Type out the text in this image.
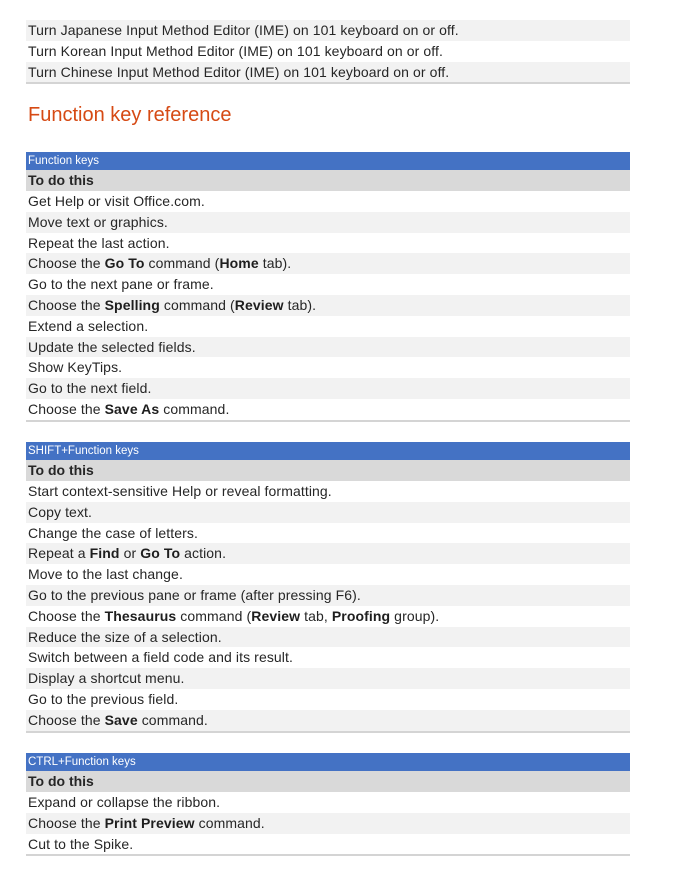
Turn Japanese Input Method Editor (IME) on 101 keyboard on or off.
Turn Korean Input Method Editor (IME) on 101 keyboard on or off.
Turn Chinese Input Method Editor (IME) on 101 keyboard on or off.
Function key reference
Function keys
To do this
Get Help or visit Office.com.
Move text or graphics.
Repeat the last action.
Choose the Go To command (Home tab).
Go to the next pane or frame.
Choose the Spelling command (Review tab).
Extend a selection.
Update the selected fields.
Show KeyTips.
Go to the next field.
Choose the Save As command.
SHIFT+Function keys
To do this
Start context-sensitive Help or reveal formatting.
Copy text.
Change the case of letters.
Repeat a Find or Go To action.
Move to the last change.
Go to the previous pane or frame (after pressing F6).
Choose the Thesaurus command (Review tab, Proofing group).
Reduce the size of a selection.
Switch between a field code and its result.
Display a shortcut menu.
Go to the previous field.
Choose the Save command.
CTRL+Function keys
To do this
Expand or collapse the ribbon.
Choose the Print Preview command.
Cut to the Spike.
